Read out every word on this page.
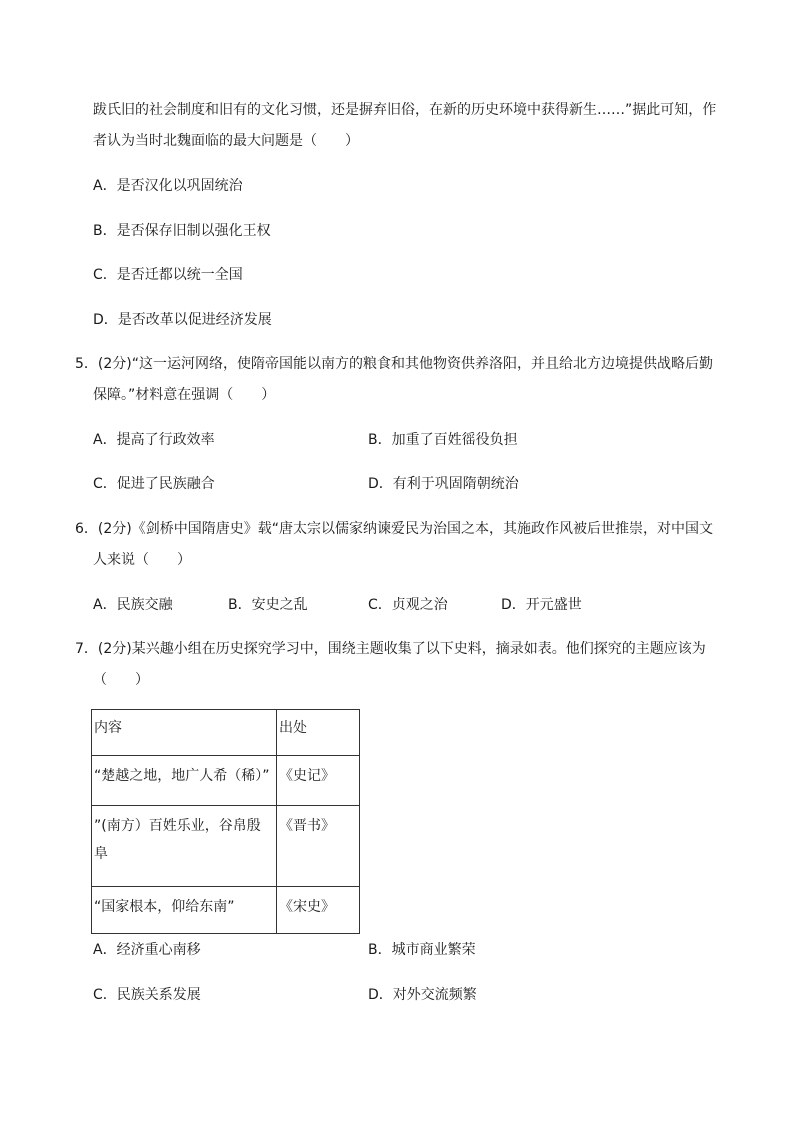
跋氏旧的社会制度和旧有的文化习惯，还是摒弃旧俗，在新的历史环境中获得新生……”据此可知，作
者认为当时北魏面临的最大问题是（　　）
A．是否汉化以巩固统治
B．是否保存旧制以强化王权
C．是否迁都以统一全国
D．是否改革以促进经济发展
5．(2分)“这一运河网络，使隋帝国能以南方的粮食和其他物资供养洛阳，并且给北方边境提供战略后勤
保障。”材料意在强调（　　）
A．提高了行政效率	B．加重了百姓徭役负担
C．促进了民族融合	D．有利于巩固隋朝统治
6．(2分)《剑桥中国隋唐史》载“唐太宗以儒家纳谏爱民为治国之本，其施政作风被后世推崇，对中国文
人来说（　　）
A．民族交融	B．安史之乱	C．贞观之治	D．开元盛世
7．(2分)某兴趣小组在历史探究学习中，围绕主题收集了以下史料，摘录如表。他们探究的主题应该为
（　　）
内容	出处
“楚越之地，地广人希（稀）”	《史记》
”(南方）百姓乐业，谷帛殷阜	《晋书》
“国家根本，仰给东南”	《宋史》
A．经济重心南移	B．城市商业繁荣
C．民族关系发展	D．对外交流频繁
